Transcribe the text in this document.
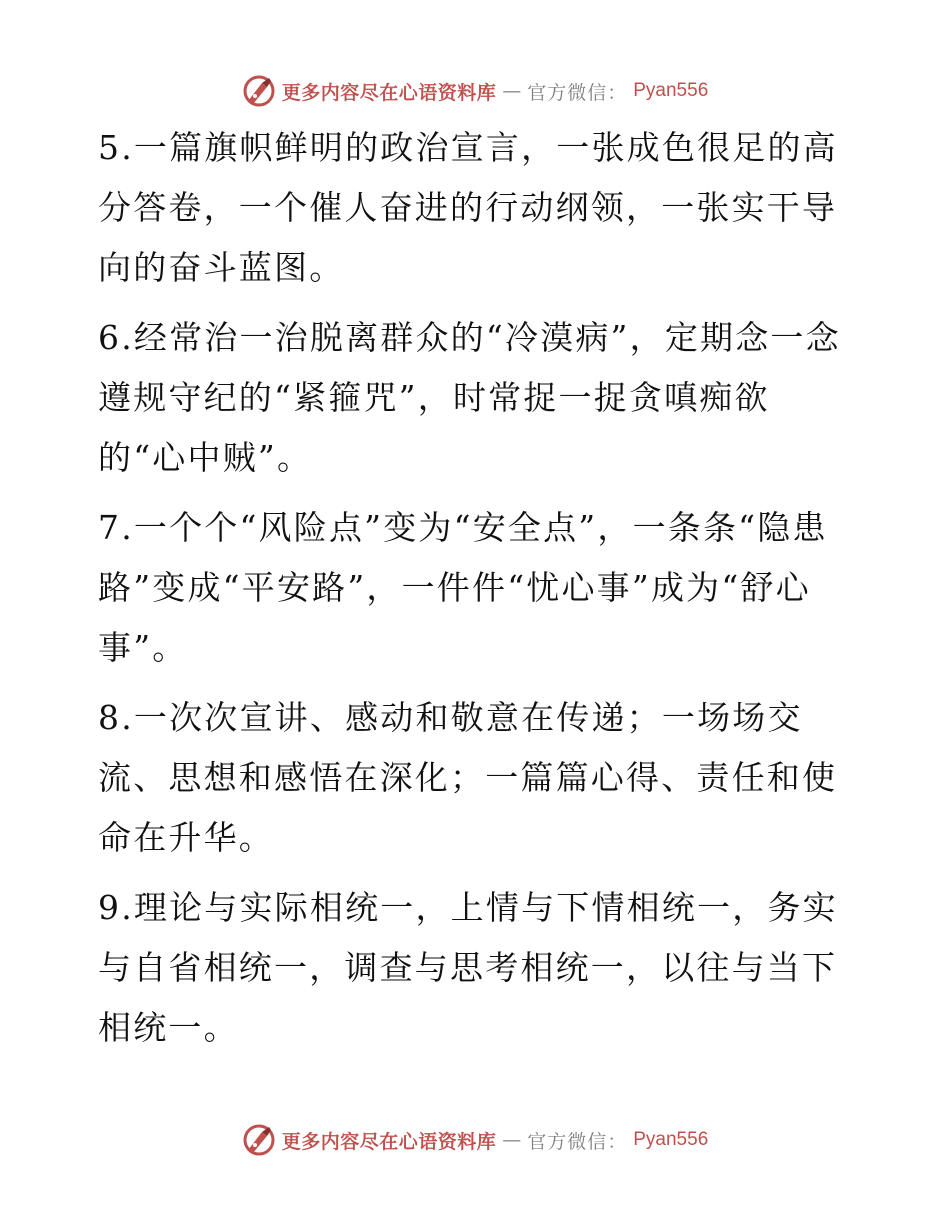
更多内容尽在心语资料库 — 官方微信： Pyan556

5.一篇旗帜鲜明的政治宣言，一张成色很足的高分答卷，一个催人奋进的行动纲领，一张实干导向的奋斗蓝图。

6.经常治一治脱离群众的“冷漠病”，定期念一念遵规守纪的“紧箍咒”，时常捉一捉贪嗔痴欲的“心中贼”。

7.一个个“风险点”变为“安全点”，一条条“隐患路”变成“平安路”，一件件“忧心事”成为“舒心事”。

8.一次次宣讲、感动和敬意在传递；一场场交流、思想和感悟在深化；一篇篇心得、责任和使命在升华。

9.理论与实际相统一，上情与下情相统一，务实与自省相统一，调查与思考相统一，以往与当下相统一。

更多内容尽在心语资料库 — 官方微信： Pyan556
